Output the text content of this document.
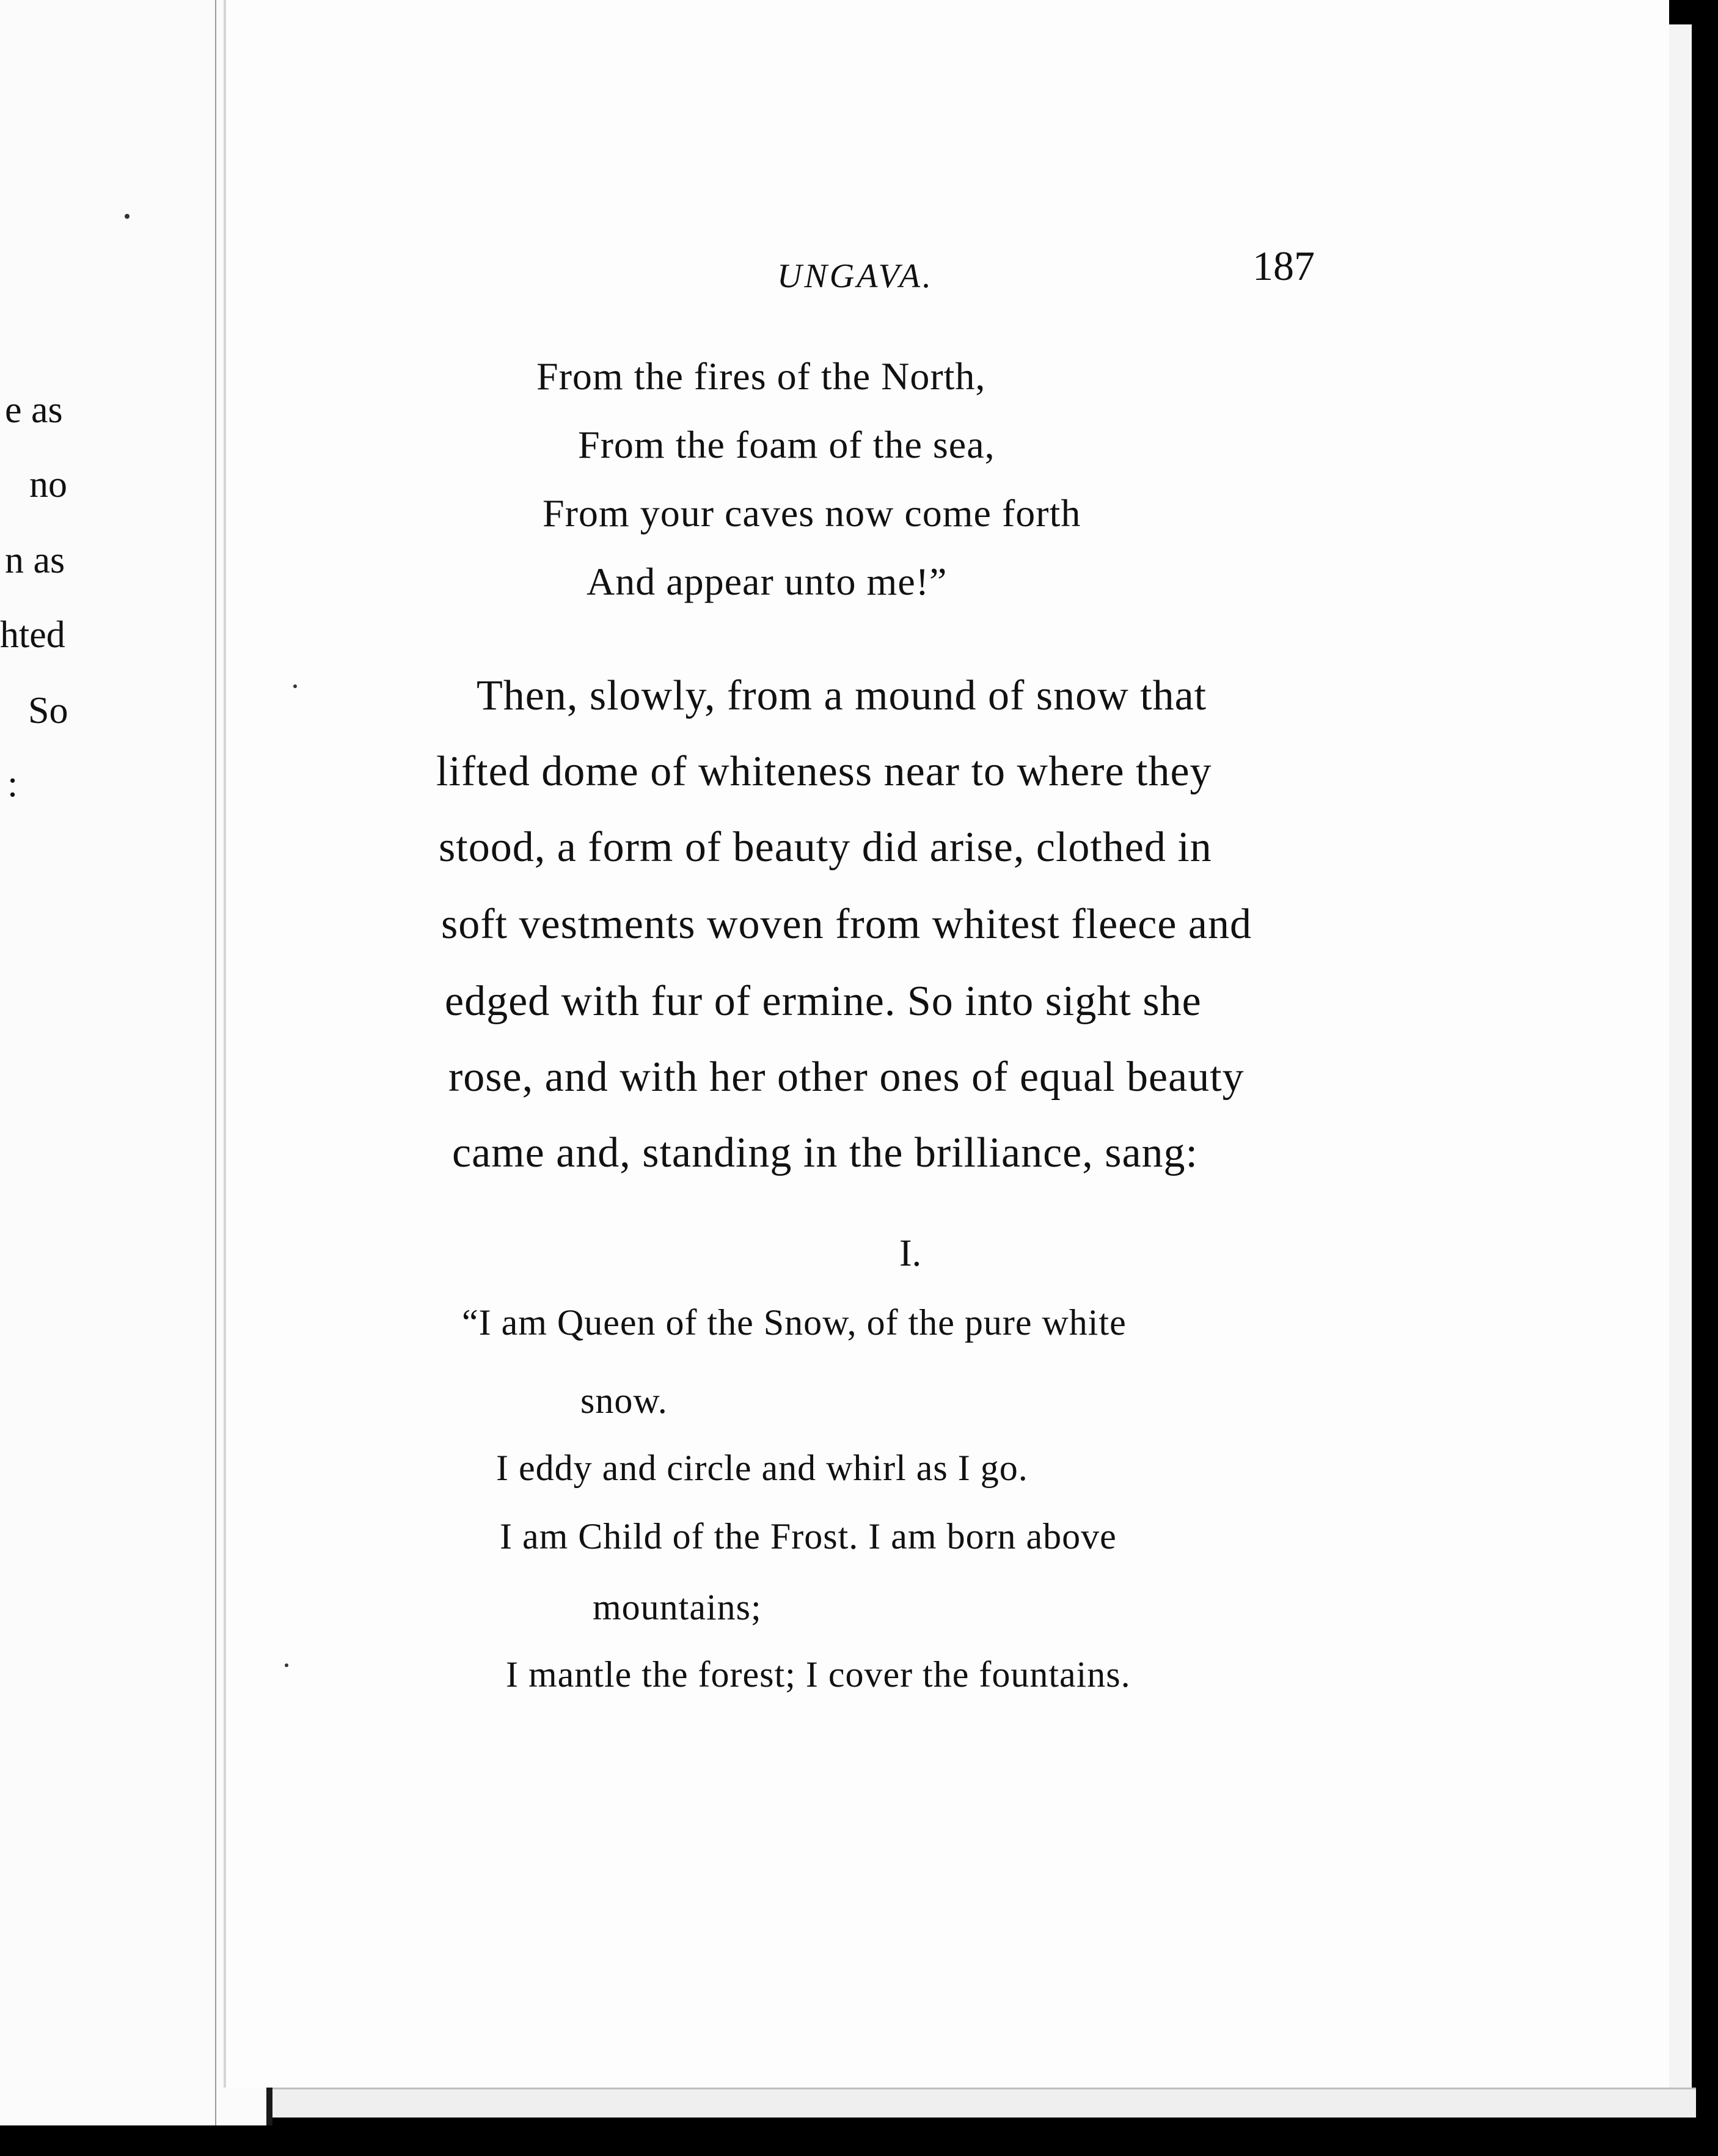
e as
no
n as
hted
So
:
UNGAVA.	187
From the fires of the North,
From the foam of the sea,
From your caves now come forth
And appear unto me!”
Then, slowly, from a mound of snow that
lifted dome of whiteness near to where they
stood, a form of beauty did arise, clothed in
soft vestments woven from whitest fleece and
edged with fur of ermine. So into sight she
rose, and with her other ones of equal beauty
came and, standing in the brilliance, sang:
I.
“I am Queen of the Snow, of the pure white
snow.
I eddy and circle and whirl as I go.
I am Child of the Frost. I am born above
mountains;
I mantle the forest; I cover the fountains.
